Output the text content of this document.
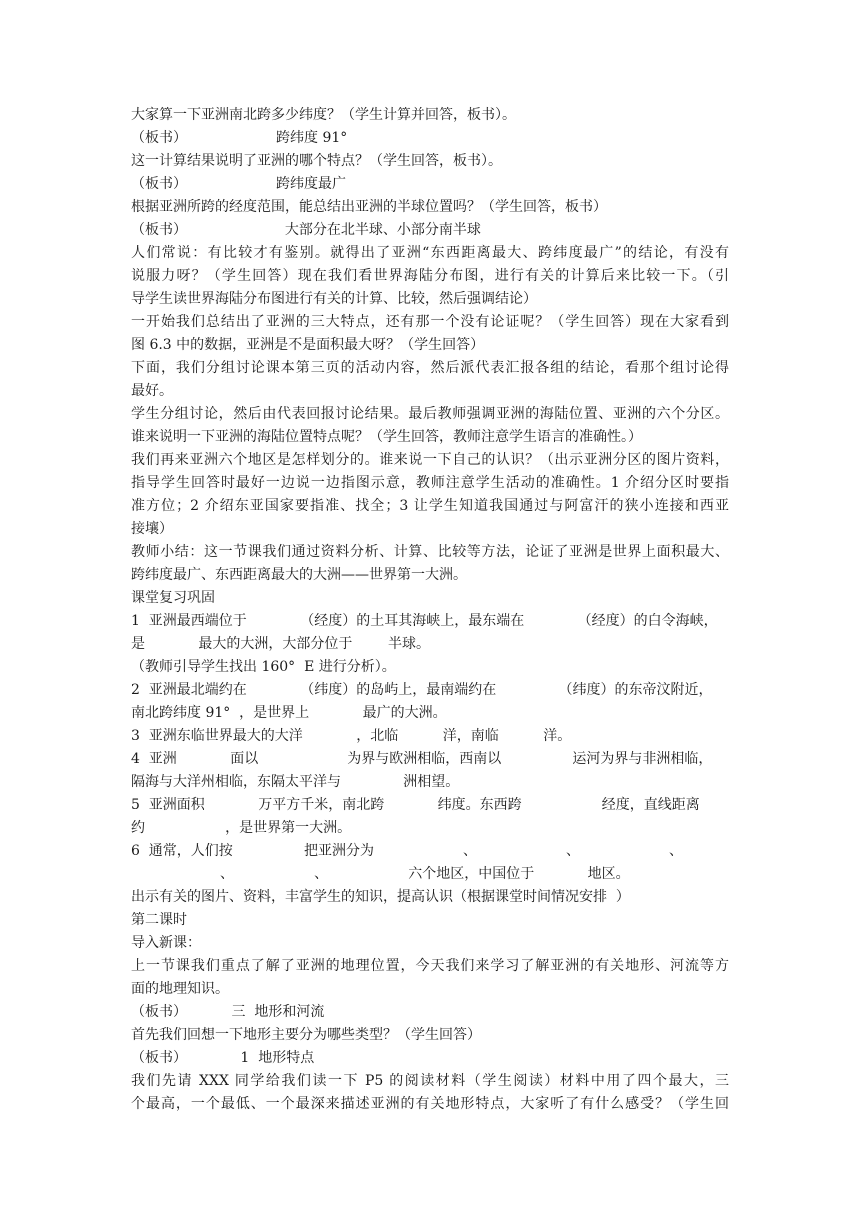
大家算一下亚洲南北跨多少纬度？（学生计算并回答，板书）。
（板书）                    跨纬度 91°
这一计算结果说明了亚洲的哪个特点？（学生回答，板书）。
（板书）                    跨纬度最广
根据亚洲所跨的经度范围，能总结出亚洲的半球位置吗？（学生回答，板书）
（板书）                      大部分在北半球、小部分南半球
人们常说：有比较才有鉴别。就得出了亚洲“东西距离最大、跨纬度最广”的结论，有没有
说服力呀？（学生回答）现在我们看世界海陆分布图，进行有关的计算后来比较一下。（引
导学生读世界海陆分布图进行有关的计算、比较，然后强调结论）
一开始我们总结出了亚洲的三大特点，还有那一个没有论证呢？（学生回答）现在大家看到
图 6.3 中的数据，亚洲是不是面积最大呀？（学生回答）
下面，我们分组讨论课本第三页的活动内容，然后派代表汇报各组的结论，看那个组讨论得
最好。
学生分组讨论，然后由代表回报讨论结果。最后教师强调亚洲的海陆位置、亚洲的六个分区。
谁来说明一下亚洲的海陆位置特点呢？（学生回答，教师注意学生语言的准确性。）
我们再来亚洲六个地区是怎样划分的。谁来说一下自己的认识？（出示亚洲分区的图片资料，
指导学生回答时最好一边说一边指图示意，教师注意学生活动的准确性。1 介绍分区时要指
准方位；2 介绍东亚国家要指准、找全；3 让学生知道我国通过与阿富汗的狭小连接和西亚
接壤）
教师小结：这一节课我们通过资料分析、计算、比较等方法，论证了亚洲是世界上面积最大、
跨纬度最广、东西距离最大的大洲——世界第一大洲。
课堂复习巩固
1  亚洲最西端位于            （经度）的土耳其海峡上，最东端在            （经度）的白令海峡，
是            最大的大洲，大部分位于        半球。
（教师引导学生找出 160°  E 进行分析）。
2  亚洲最北端约在            （纬度）的岛屿上，最南端约在              （纬度）的东帝汶附近，
南北跨纬度 91°  ，是世界上            最广的大洲。
3  亚洲东临世界最大的大洋            ，北临          洋，南临          洋。
4  亚洲            面以                    为界与欧洲相临，西南以                运河为界与非洲相临，
隔海与大洋州相临，东隔太平洋与              洲相望。
5  亚洲面积            万平方千米，南北跨            纬度。东西跨                  经度，直线距离
约                  ，是世界第一大洲。
6  通常，人们按                把亚洲分为                    、                    、                    、
、                  、                  六个地区，中国位于            地区。
出示有关的图片、资料，丰富学生的知识，提高认识（根据课堂时间情况安排  ）
第二课时
导入新课：
上一节课我们重点了解了亚洲的地理位置，今天我们来学习了解亚洲的有关地形、河流等方
面的地理知识。
（板书）          三  地形和河流
首先我们回想一下地形主要分为哪些类型？（学生回答）
（板书）            1  地形特点
我们先请 XXX 同学给我们读一下 P5 的阅读材料（学生阅读）材料中用了四个最大，三
个最高，一个最低、一个最深来描述亚洲的有关地形特点，大家听了有什么感受？（学生回
